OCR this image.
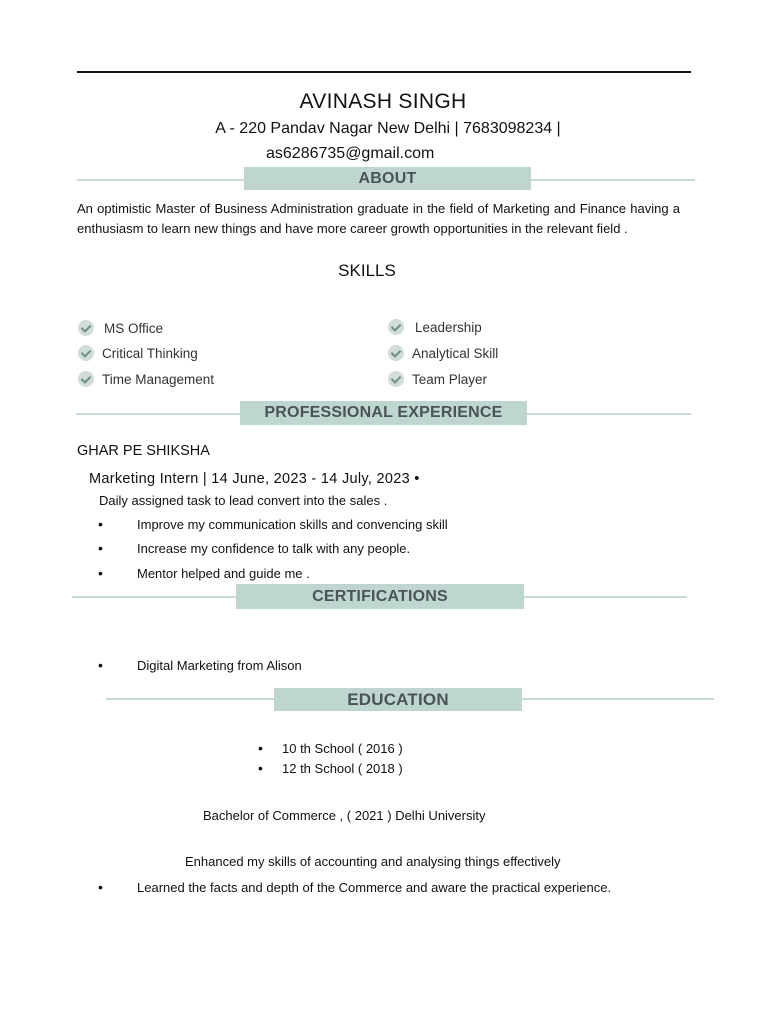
AVINASH SINGH
A - 220 Pandav Nagar New Delhi | 7683098234 |
as6286735@gmail.com
ABOUT
An optimistic Master of Business Administration graduate in the field of Marketing and Finance having a enthusiasm to learn new things and have more career growth opportunities in the relevant field .
SKILLS
MS Office
Critical Thinking
Time Management
Leadership
Analytical Skill
Team Player
PROFESSIONAL EXPERIENCE
GHAR PE SHIKSHA
Marketing Intern | 14 June, 2023 - 14 July, 2023 •
Daily assigned task to lead convert into the sales .
•	Improve my communication skills and convencing skill
•	Increase my confidence to talk with any people.
•	Mentor helped and guide me .
CERTIFICATIONS
•	Digital Marketing from Alison
EDUCATION
• 10 th School ( 2016 )
• 12 th School ( 2018 )
Bachelor of Commerce , ( 2021 ) Delhi University
Enhanced my skills of accounting and analysing things effectively
•	Learned the facts and depth of the Commerce and aware the practical experience.
